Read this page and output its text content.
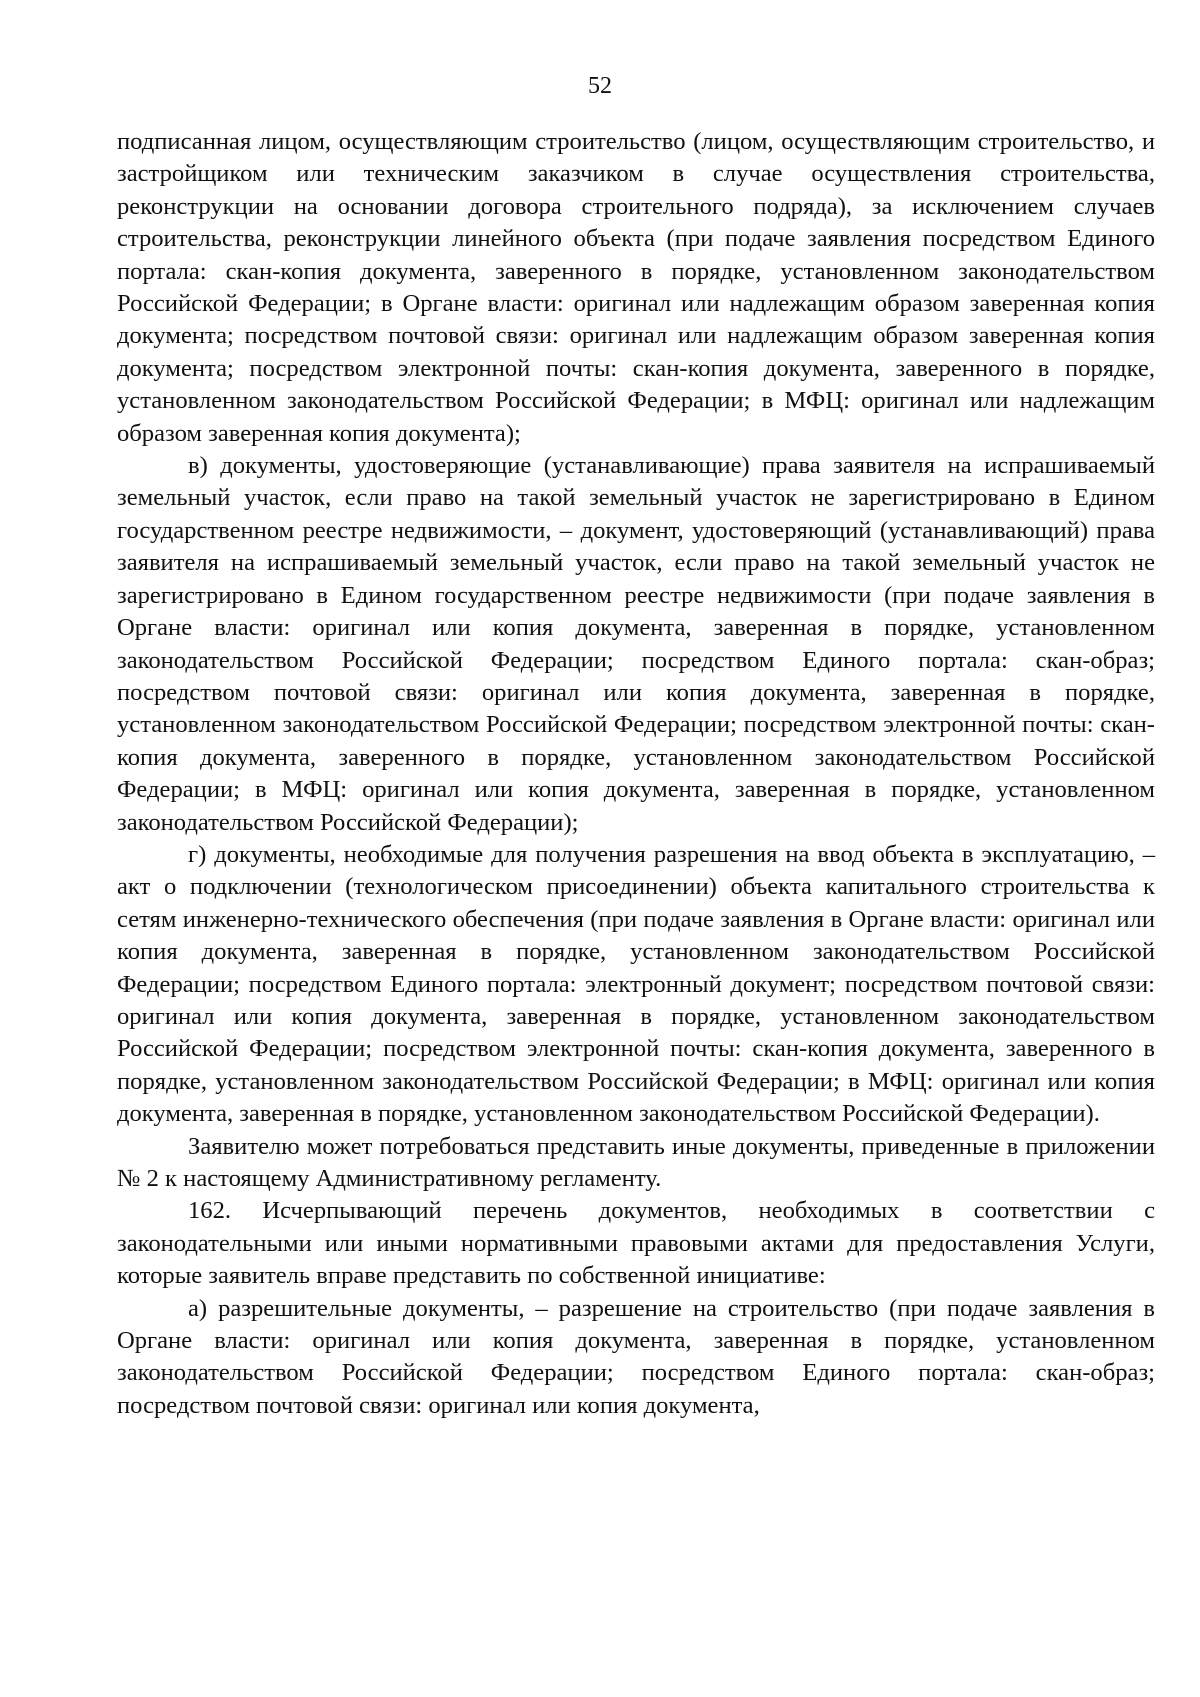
52

подписанная лицом, осуществляющим строительство (лицом, осуществляющим строительство, и застройщиком или техническим заказчиком в случае осуществления строительства, реконструкции на основании договора строительного подряда), за исключением случаев строительства, реконструкции линейного объекта (при подаче заявления посредством Единого портала: скан-копия документа, заверенного в порядке, установленном законодательством Российской Федерации; в Органе власти: оригинал или надлежащим образом заверенная копия документа; посредством почтовой связи: оригинал или надлежащим образом заверенная копия документа; посредством электронной почты: скан-копия документа, заверенного в порядке, установленном законодательством Российской Федерации; в МФЦ: оригинал или надлежащим образом заверенная копия документа);

в) документы, удостоверяющие (устанавливающие) права заявителя на испрашиваемый земельный участок, если право на такой земельный участок не зарегистрировано в Едином государственном реестре недвижимости, – документ, удостоверяющий (устанавливающий) права заявителя на испрашиваемый земельный участок, если право на такой земельный участок не зарегистрировано в Едином государственном реестре недвижимости (при подаче заявления в Органе власти: оригинал или копия документа, заверенная в порядке, установленном законодательством Российской Федерации; посредством Единого портала: скан-образ; посредством почтовой связи: оригинал или копия документа, заверенная в порядке, установленном законодательством Российской Федерации; посредством электронной почты: скан-копия документа, заверенного в порядке, установленном законодательством Российской Федерации; в МФЦ: оригинал или копия документа, заверенная в порядке, установленном законодательством Российской Федерации);

г) документы, необходимые для получения разрешения на ввод объекта в эксплуатацию, – акт о подключении (технологическом присоединении) объекта капитального строительства к сетям инженерно-технического обеспечения (при подаче заявления в Органе власти: оригинал или копия документа, заверенная в порядке, установленном законодательством Российской Федерации; посредством Единого портала: электронный документ; посредством почтовой связи: оригинал или копия документа, заверенная в порядке, установленном законодательством Российской Федерации; посредством электронной почты: скан-копия документа, заверенного в порядке, установленном законодательством Российской Федерации; в МФЦ: оригинал или копия документа, заверенная в порядке, установленном законодательством Российской Федерации).

Заявителю может потребоваться представить иные документы, приведенные в приложении № 2 к настоящему Административному регламенту.

162. Исчерпывающий перечень документов, необходимых в соответствии с законодательными или иными нормативными правовыми актами для предоставления Услуги, которые заявитель вправе представить по собственной инициативе:

а) разрешительные документы, – разрешение на строительство (при подаче заявления в Органе власти: оригинал или копия документа, заверенная в порядке, установленном законодательством Российской Федерации; посредством Единого портала: скан-образ; посредством почтовой связи: оригинал или копия документа,
